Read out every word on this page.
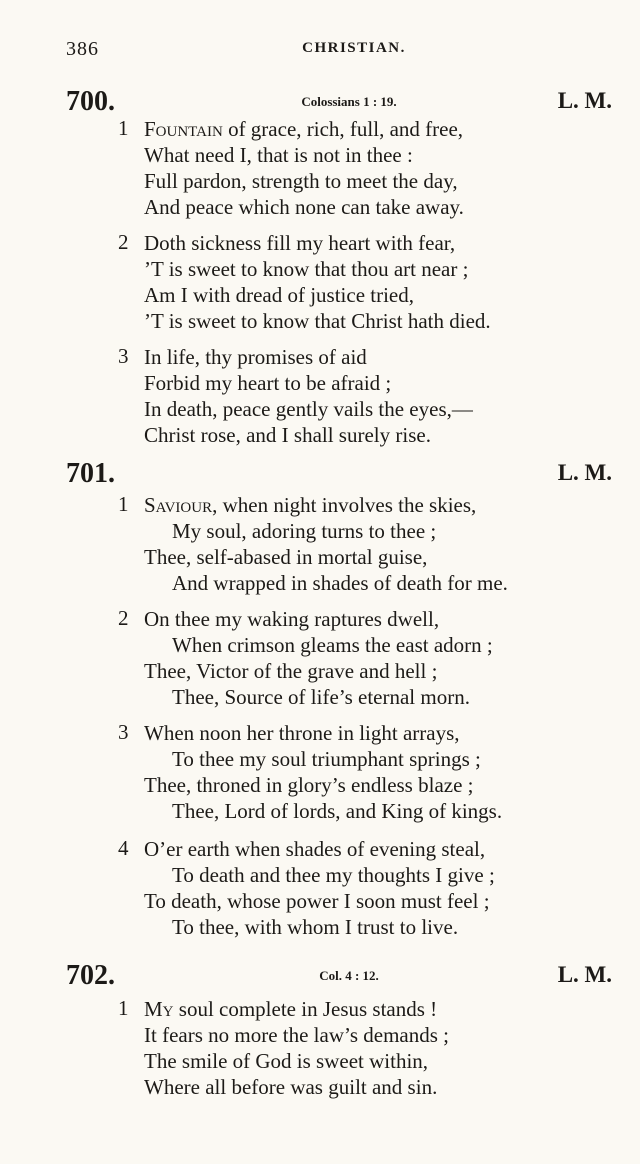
386	CHRISTIAN.
700.	Colossians 1 : 19.	L. M.
1 Fountain of grace, rich, full, and free,
What need I, that is not in thee :
Full pardon, strength to meet the day,
And peace which none can take away.
2 Doth sickness fill my heart with fear,
’T is sweet to know that thou art near ;
Am I with dread of justice tried,
’T is sweet to know that Christ hath died.
3 In life, thy promises of aid
Forbid my heart to be afraid ;
In death, peace gently vails the eyes,—
Christ rose, and I shall surely rise.
701.	L. M.
1 Saviour, when night involves the skies,
My soul, adoring turns to thee ;
Thee, self-abased in mortal guise,
And wrapped in shades of death for me.
2 On thee my waking raptures dwell,
When crimson gleams the east adorn ;
Thee, Victor of the grave and hell ;
Thee, Source of life’s eternal morn.
3 When noon her throne in light arrays,
To thee my soul triumphant springs ;
Thee, throned in glory’s endless blaze ;
Thee, Lord of lords, and King of kings.
4 O’er earth when shades of evening steal,
To death and thee my thoughts I give ;
To death, whose power I soon must feel ;
To thee, with whom I trust to live.
702.	Col. 4 : 12.	L. M.
1 My soul complete in Jesus stands !
It fears no more the law’s demands ;
The smile of God is sweet within,
Where all before was guilt and sin.
